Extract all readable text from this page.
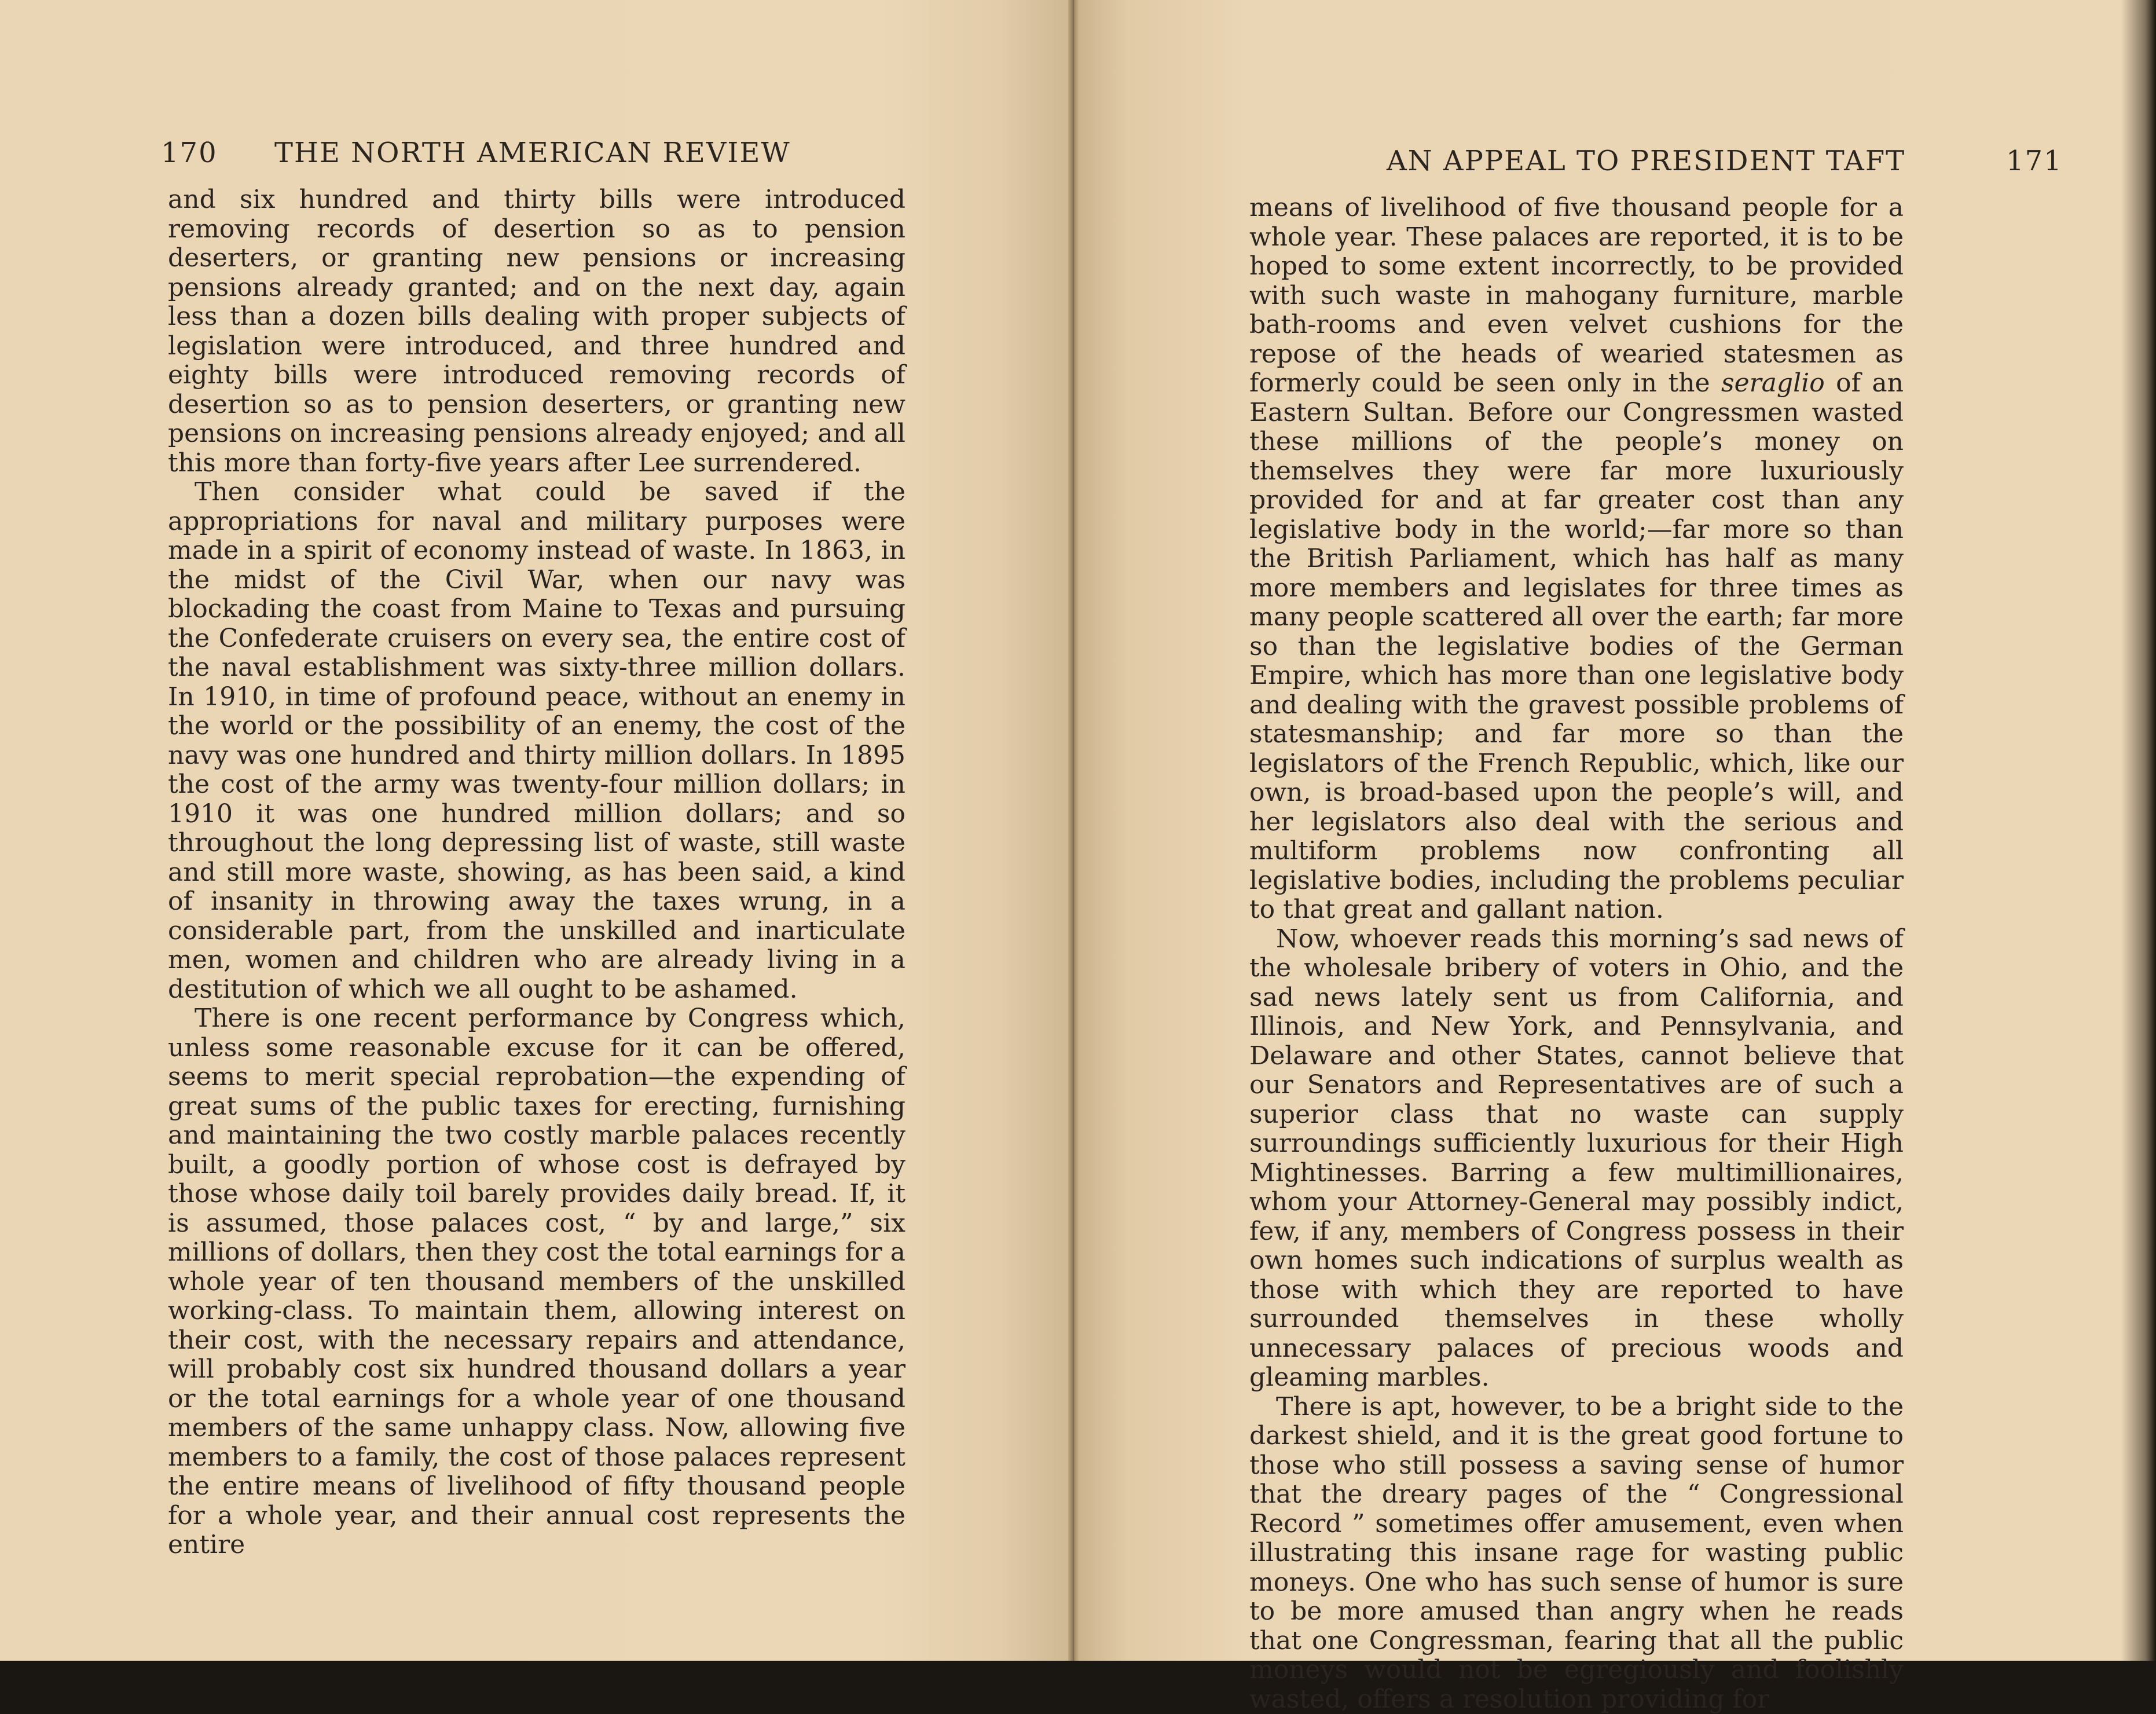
170 THE NORTH AMERICAN REVIEW

and six hundred and thirty bills were introduced removing records of desertion so as to pension deserters, or granting new pensions or increasing pensions already granted; and on the next day, again less than a dozen bills dealing with proper subjects of legislation were introduced, and three hundred and eighty bills were introduced removing records of desertion so as to pension deserters, or granting new pensions on increasing pensions already enjoyed; and all this more than forty-five years after Lee surrendered.

Then consider what could be saved if the appropriations for naval and military purposes were made in a spirit of economy instead of waste. In 1863, in the midst of the Civil War, when our navy was blockading the coast from Maine to Texas and pursuing the Confederate cruisers on every sea, the entire cost of the naval establishment was sixty-three million dollars. In 1910, in time of profound peace, without an enemy in the world or the possibility of an enemy, the cost of the navy was one hundred and thirty million dollars. In 1895 the cost of the army was twenty-four million dollars; in 1910 it was one hundred million dollars; and so throughout the long depressing list of waste, still waste and still more waste, showing, as has been said, a kind of insanity in throwing away the taxes wrung, in a considerable part, from the unskilled and inarticulate men, women and children who are already living in a destitution of which we all ought to be ashamed.

There is one recent performance by Congress which, unless some reasonable excuse for it can be offered, seems to merit special reprobation—the expending of great sums of the public taxes for erecting, furnishing and maintaining the two costly marble palaces recently built, a goodly portion of whose cost is defrayed by those whose daily toil barely provides daily bread. If, it is assumed, those palaces cost, “ by and large,” six millions of dollars, then they cost the total earnings for a whole year of ten thousand members of the unskilled working-class. To maintain them, allowing interest on their cost, with the necessary repairs and attendance, will probably cost six hundred thousand dollars a year or the total earnings for a whole year of one thousand members of the same unhappy class. Now, allowing five members to a family, the cost of those palaces represent the entire means of livelihood of fifty thousand people for a whole year, and their annual cost represents the entire

AN APPEAL TO PRESIDENT TAFT	171

means of livelihood of five thousand people for a whole year. These palaces are reported, it is to be hoped to some extent incorrectly, to be provided with such waste in mahogany furniture, marble bath-rooms and even velvet cushions for the repose of the heads of wearied statesmen as formerly could be seen only in the seraglio of an Eastern Sultan. Before our Congressmen wasted these millions of the people’s money on themselves they were far more luxuriously provided for and at far greater cost than any legislative body in the world;—far more so than the British Parliament, which has half as many more members and legislates for three times as many people scattered all over the earth; far more so than the legislative bodies of the German Empire, which has more than one legislative body and dealing with the gravest possible problems of statesmanship; and far more so than the legislators of the French Republic, which, like our own, is broad-based upon the people’s will, and her legislators also deal with the serious and multiform problems now confronting all legislative bodies, including the problems peculiar to that great and gallant nation.

Now, whoever reads this morning’s sad news of the wholesale bribery of voters in Ohio, and the sad news lately sent us from California, and Illinois, and New York, and Pennsylvania, and Delaware and other States, cannot believe that our Senators and Representatives are of such a superior class that no waste can supply surroundings sufficiently luxurious for their High Mightinesses. Barring a few multimillionaires, whom your Attorney-General may possibly indict, few, if any, members of Congress possess in their own homes such indications of surplus wealth as those with which they are reported to have surrounded themselves in these wholly unnecessary palaces of precious woods and gleaming marbles.

There is apt, however, to be a bright side to the darkest shield, and it is the great good fortune to those who still possess a saving sense of humor that the dreary pages of the “ Congressional Record ” sometimes offer amusement, even when illustrating this insane rage for wasting public moneys. One who has such sense of humor is sure to be more amused than angry when he reads that one Congressman, fearing that all the public moneys would not be egregiously and foolishly wasted, offers a resolution providing for
